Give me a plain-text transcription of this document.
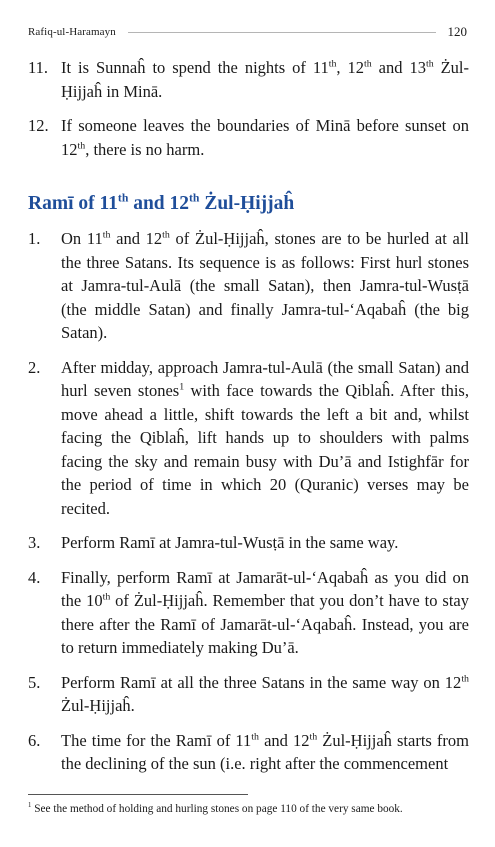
Rafiq-ul-Haramayn	120
11. It is Sunnaĥ to spend the nights of 11th, 12th and 13th Żul-Ḥijjaĥ in Minā.
12. If someone leaves the boundaries of Minā before sunset on 12th, there is no harm.
Ramī of 11th and 12th Żul-Ḥijjaĥ
1.	On 11th and 12th of Żul-Ḥijjaĥ, stones are to be hurled at all the three Satans. Its sequence is as follows: First hurl stones at Jamra-tul-Aulā (the small Satan), then Jamra-tul-Wusṭā (the middle Satan) and finally Jamra-tul-‘Aqabaĥ (the big Satan).
2.	After midday, approach Jamra-tul-Aulā (the small Satan) and hurl seven stones$^1$ with face towards the Qiblaĥ. After this, move ahead a little, shift towards the left a bit and, whilst facing the Qiblaĥ, lift hands up to shoulders with palms facing the sky and remain busy with Du’ā and Istighfār for the period of time in which 20 (Quranic) verses may be recited.
3.	Perform Ramī at Jamra-tul-Wusṭā in the same way.
4.	Finally, perform Ramī at Jamarāt-ul-‘Aqabaĥ as you did on the 10th of Żul-Ḥijjaĥ. Remember that you don’t have to stay there after the Ramī of Jamarāt-ul-‘Aqabaĥ. Instead, you are to return immediately making Du’ā.
5.	Perform Ramī at all the three Satans in the same way on 12th Żul-Ḥijjaĥ.
6.	The time for the Ramī of 11th and 12th Żul-Ḥijjaĥ starts from the declining of the sun (i.e. right after the commencement
$^1$ See the method of holding and hurling stones on page 110 of the very same book.
